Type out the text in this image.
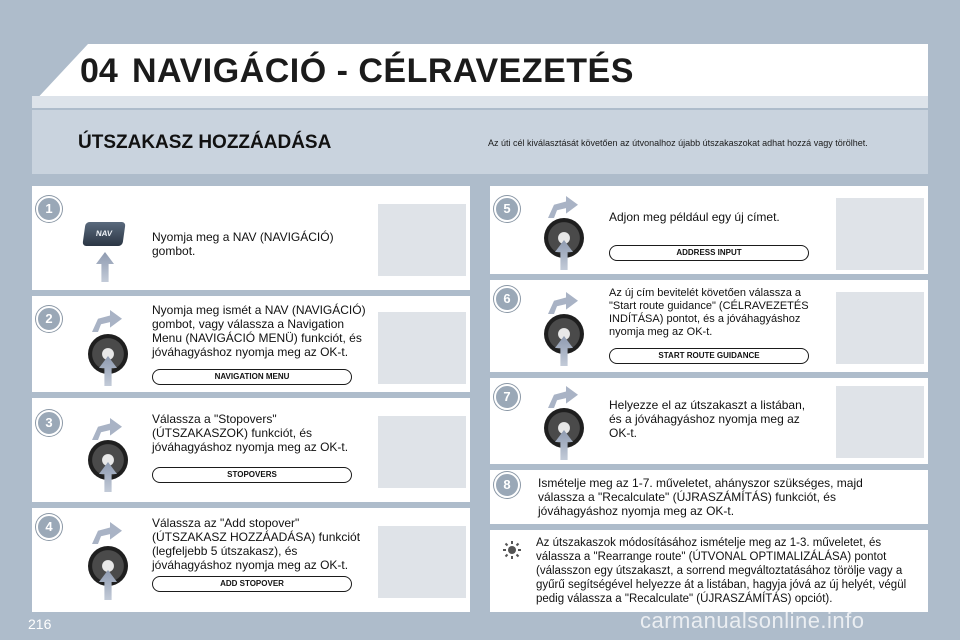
04 NAVIGÁCIÓ - CÉLRAVEZETÉS
ÚTSZAKASZ HOZZÁADÁSA	Az úti cél kiválasztását követően az útvonalhoz újabb útszakaszokat adhat hozzá vagy törölhet.
1
NAV	Nyomja meg a NAV (NAVIGÁCIÓ) gombot.
2
Nyomja meg ismét a NAV (NAVIGÁCIÓ) gombot, vagy válassza a Navigation Menu (NAVIGÁCIÓ MENÜ) funkciót, és jóváhagyáshoz nyomja meg az OK-t.
NAVIGATION MENU
3	Válassza a "Stopovers" (ÚTSZAKASZOK) funkciót, és jóváhagyáshoz nyomja meg az OK-t.
STOPOVERS
4	Válassza az "Add stopover" (ÚTSZAKASZ HOZZÁADÁSA) funkciót (legfeljebb 5 útszakasz), és jóváhagyáshoz nyomja meg az OK-t.
ADD STOPOVER
5
Adjon meg például egy új címet.
ADDRESS INPUT
6	Az új cím bevitelét követően válassza a "Start route guidance" (CÉLRAVEZETÉS INDÍTÁSA) pontot, és a jóváhagyáshoz nyomja meg az OK-t.
START ROUTE GUIDANCE
7
Helyezze el az útszakaszt a listában, és a jóváhagyáshoz nyomja meg az OK-t.
8	Ismételje meg az 1-7. műveletet, ahányszor szükséges, majd válassza a "Recalculate" (ÚJRASZÁMÍTÁS) funkciót, és jóváhagyáshoz nyomja meg az OK-t.
Az útszakaszok módosításához ismételje meg az 1-3. műveletet, és válassza a "Rearrange route" (ÚTVONAL OPTIMALIZÁLÁSA) pontot (válasszon egy útszakaszt, a sorrend megváltoztatásához törölje vagy a gyűrű segítségével helyezze át a listában, hagyja jóvá az új helyét, végül pedig válassza a "Recalculate" (ÚJRASZÁMÍTÁS) opciót).
216	carmanualsonline.info
